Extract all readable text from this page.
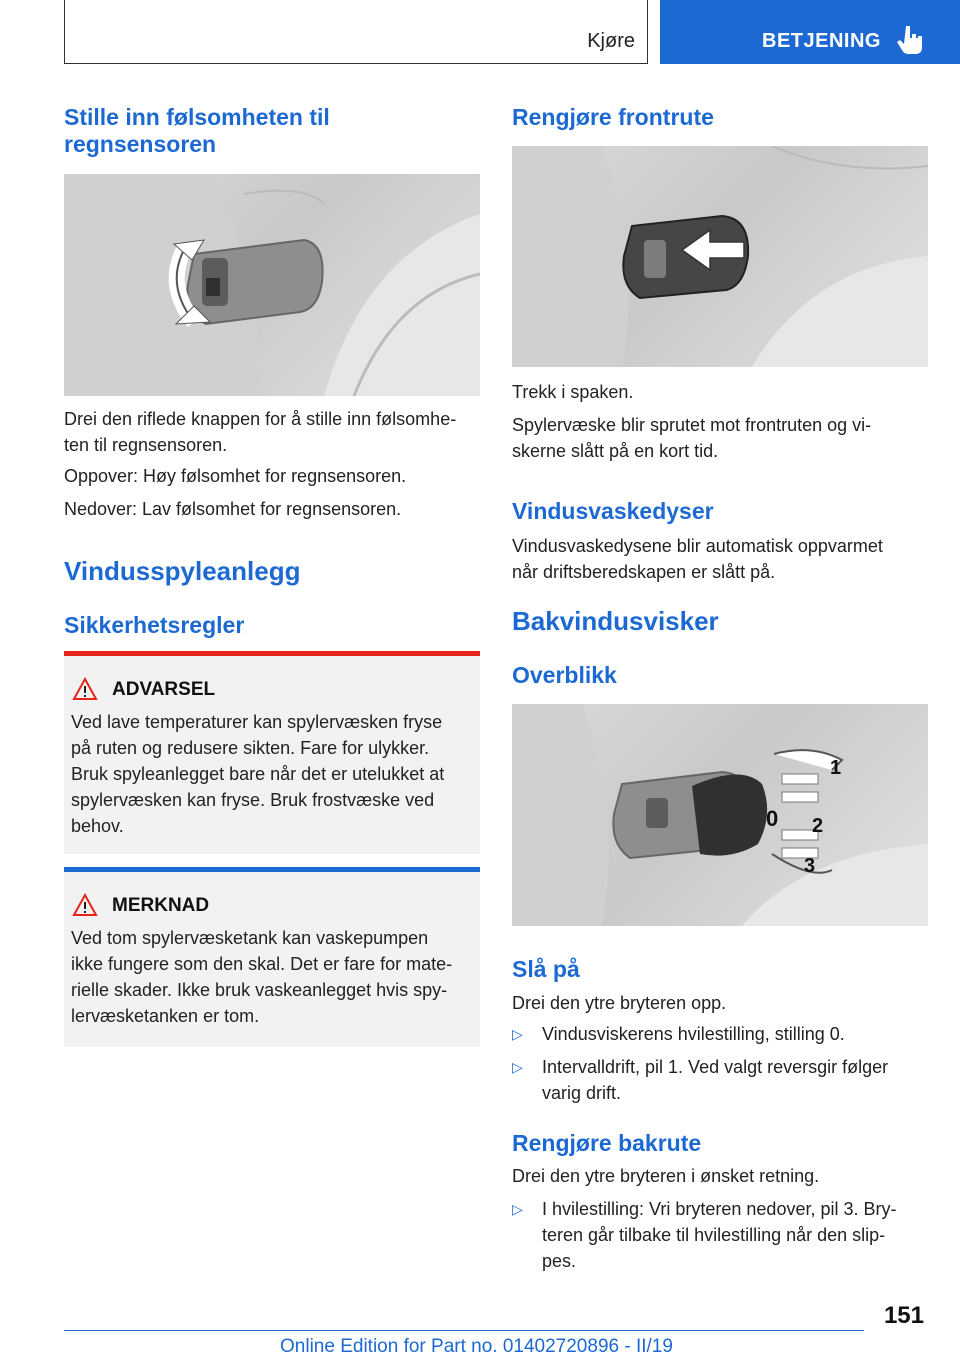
Kjøre	BETJENING
Stille inn følsomheten til
regnsensoren

Drei den riflede knappen for å stille inn følsomhe-
ten til regnsensoren.

Oppover: Høy følsomhet for regnsensoren.

Nedover: Lav følsomhet for regnsensoren.

Vindusspyleanlegg
Sikkerhetsregler
ADVARSEL
Ved lave temperaturer kan spylervæsken fryse
på ruten og redusere sikten. Fare for ulykker.
Bruk spyleanlegget bare når det er utelukket at
spylervæsken kan fryse. Bruk frostvæske ved
behov.
MERKNAD
Ved tom spylervæsketank kan vaskepumpen
ikke fungere som den skal. Det er fare for mate-
rielle skader. Ikke bruk vaskeanlegget hvis spy-
lervæsketanken er tom.
Rengjøre frontrute

Trekk i spaken.

Spylervæske blir sprutet mot frontruten og vi-
skerne slått på en kort tid.

Vindusvaskedyser

Vindusvaskedysene blir automatisk oppvarmet
når driftsberedskapen er slått på.

Bakvindusvisker
Overblikk
1
0 2
3
Slå på

Drei den ytre bryteren opp.

▷ Vindusviskerens hvilestilling, stilling 0.
▷ Intervalldrift, pil 1. Ved valgt reversgir følger
varig drift.
Rengjøre bakrute

Drei den ytre bryteren i ønsket retning.

▷ I hvilestilling: Vri bryteren nedover, pil 3. Bry-
teren går tilbake til hvilestilling når den slip-
pes.
151
Online Edition for Part no. 01402720896 - II/19
